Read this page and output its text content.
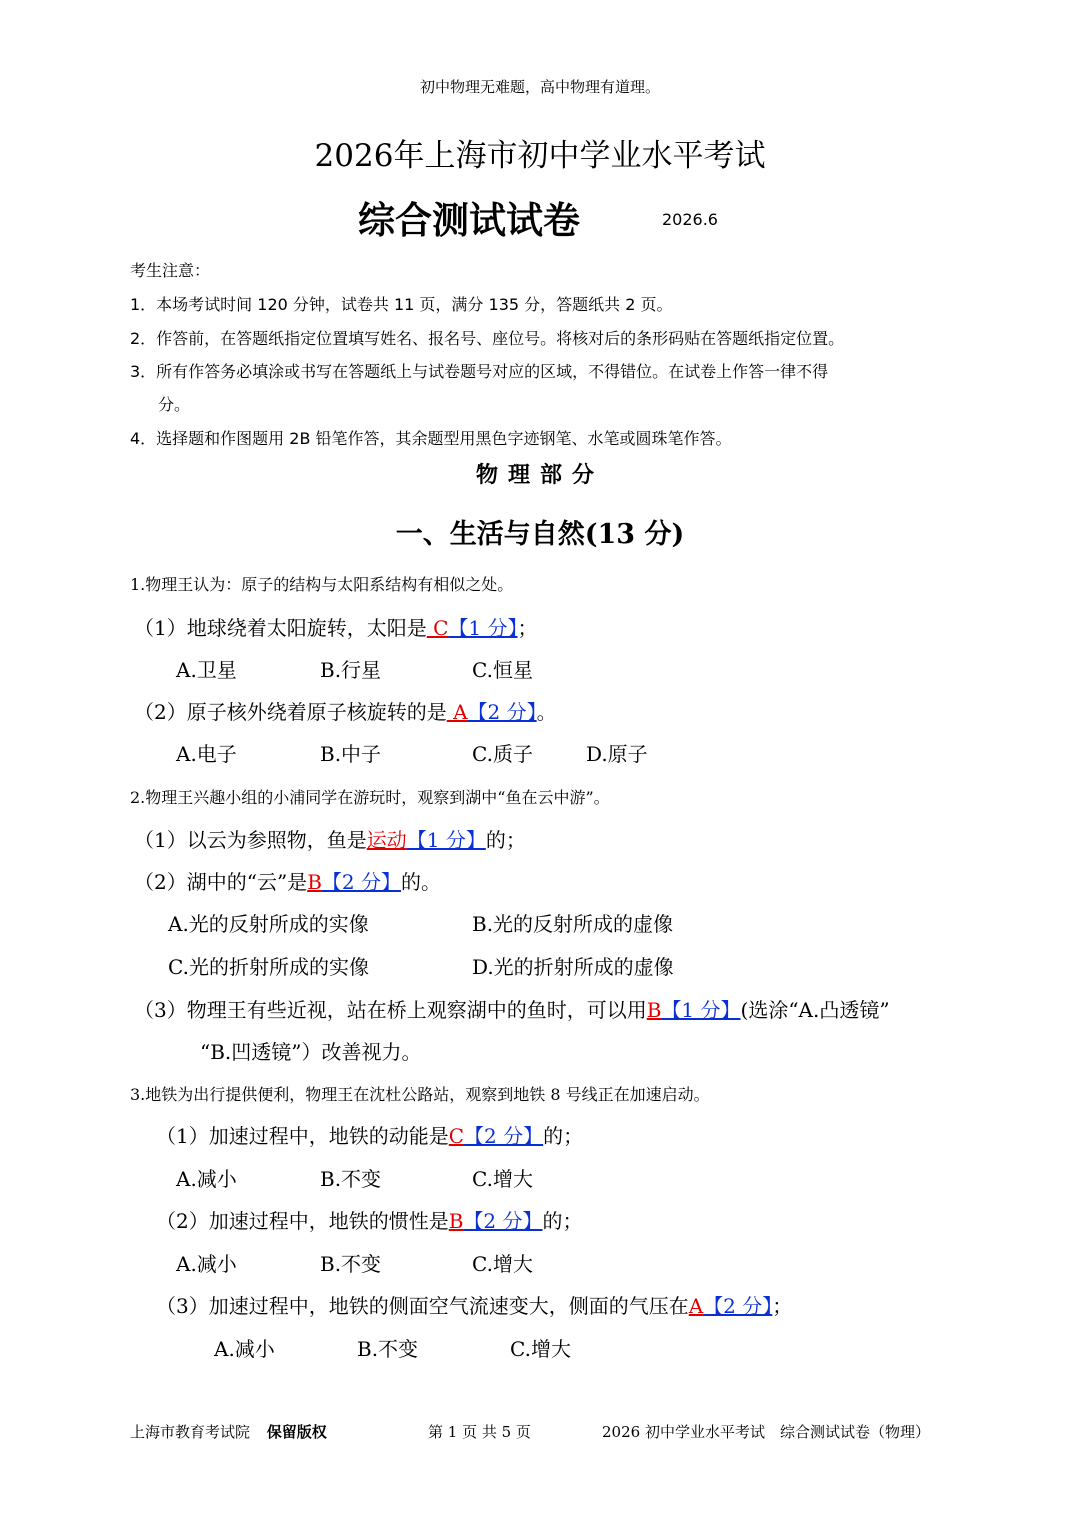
初中物理无难题，高中物理有道理。
2026年上海市初中学业水平考试
综合测试试卷	2026.6
考生注意：
1．本场考试时间 120 分钟，试卷共 11 页，满分 135 分，答题纸共 2 页。
2．作答前，在答题纸指定位置填写姓名、报名号、座位号。将核对后的条形码贴在答题纸指定位置。
3．所有作答务必填涂或书写在答题纸上与试卷题号对应的区域，不得错位。在试卷上作答一律不得
分。
4．选择题和作图题用 2B 铅笔作答，其余题型用黑色字迹钢笔、水笔或圆珠笔作答。
物理部分
一、生活与自然(13 分)
1.物理王认为：原子的结构与太阳系结构有相似之处。
（1）地球绕着太阳旋转，太阳是 C【1 分】；
A.卫星	B.行星	C.恒星
（2）原子核外绕着原子核旋转的是 A【2 分】。
A.电子	B.中子	C.质子	D.原子
2.物理王兴趣小组的小浦同学在游玩时，观察到湖中“鱼在云中游”。
（1）以云为参照物，鱼是运动【1 分】的；
（2）湖中的“云”是B【2 分】的。
A.光的反射所成的实像	B.光的反射所成的虚像
C.光的折射所成的实像	D.光的折射所成的虚像
（3）物理王有些近视，站在桥上观察湖中的鱼时，可以用B【1 分】(选涂“A.凸透镜”
“B.凹透镜”）改善视力。
3.地铁为出行提供便利，物理王在沈杜公路站，观察到地铁 8 号线正在加速启动。
（1）加速过程中，地铁的动能是C【2 分】的；
A.减小	B.不变	C.增大
（2）加速过程中，地铁的惯性是B【2 分】的；
A.减小	B.不变	C.增大
（3）加速过程中，地铁的侧面空气流速变大，侧面的气压在A【2 分】；
A.减小	B.不变	C.增大
上海市教育考试院 保留版权	第 1 页 共 5 页	2026 初中学业水平考试　综合测试试卷（物理）
